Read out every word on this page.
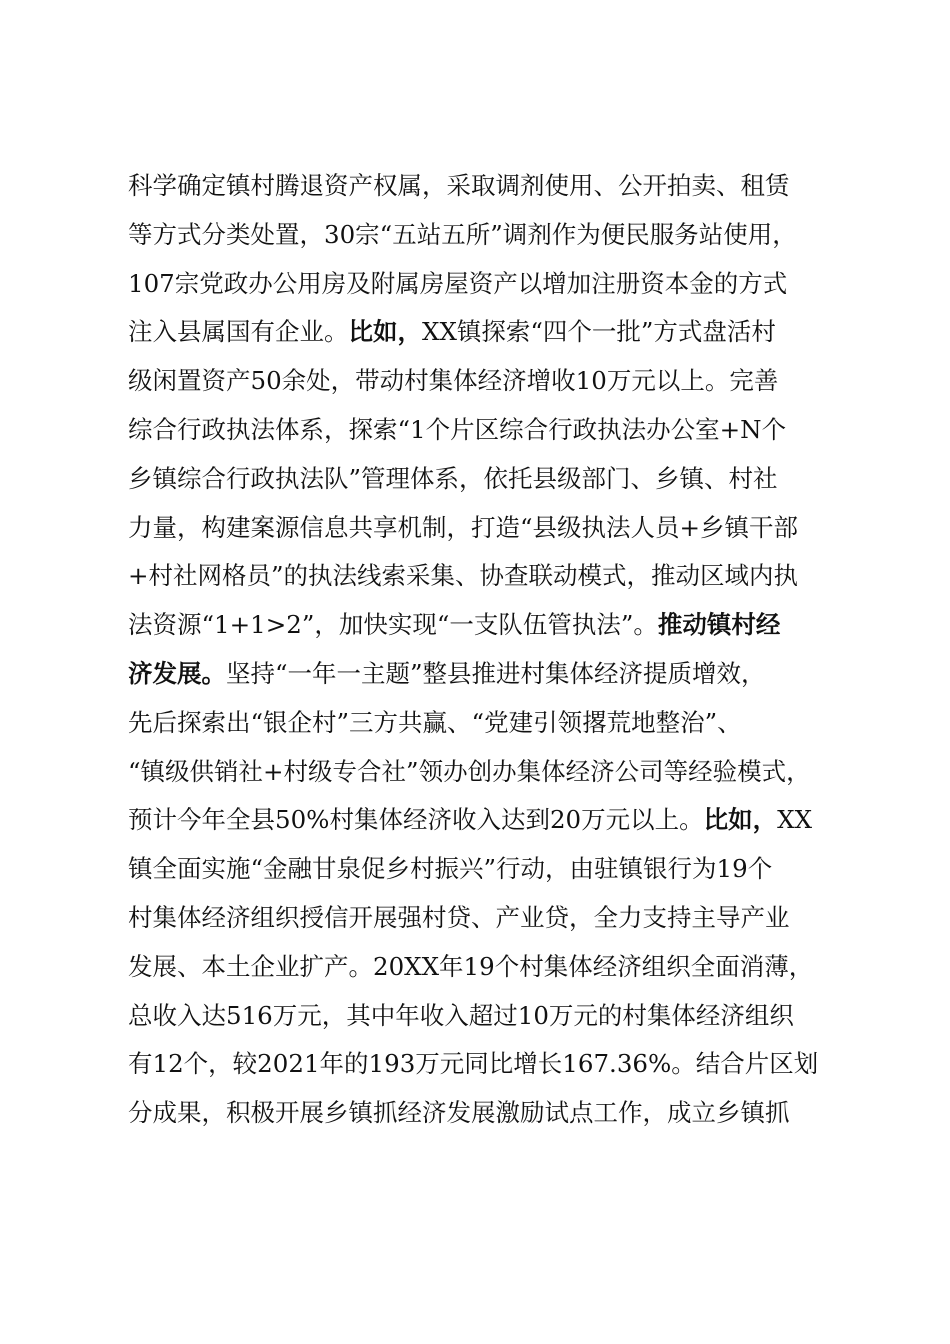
科学确定镇村腾退资产权属，采取调剂使用、公开拍卖、租赁
等方式分类处置，30宗“五站五所”调剂作为便民服务站使用，
107宗党政办公用房及附属房屋资产以增加注册资本金的方式
注入县属国有企业。比如，XX镇探索“四个一批”方式盘活村
级闲置资产50余处，带动村集体经济增收10万元以上。完善
综合行政执法体系，探索“1个片区综合行政执法办公室+N个
乡镇综合行政执法队”管理体系，依托县级部门、乡镇、村社
力量，构建案源信息共享机制，打造“县级执法人员+乡镇干部
+村社网格员”的执法线索采集、协查联动模式，推动区域内执
法资源“1+1>2”，加快实现“一支队伍管执法”。推动镇村经
济发展。坚持“一年一主题”整县推进村集体经济提质增效，
先后探索出“银企村”三方共赢、“党建引领撂荒地整治”、
“镇级供销社+村级专合社”领办创办集体经济公司等经验模式，
预计今年全县50%村集体经济收入达到20万元以上。比如，XX
镇全面实施“金融甘泉促乡村振兴”行动，由驻镇银行为19个
村集体经济组织授信开展强村贷、产业贷，全力支持主导产业
发展、本土企业扩产。20XX年19个村集体经济组织全面消薄，
总收入达516万元，其中年收入超过10万元的村集体经济组织
有12个，较2021年的193万元同比增长167.36%。结合片区划
分成果，积极开展乡镇抓经济发展激励试点工作，成立乡镇抓
